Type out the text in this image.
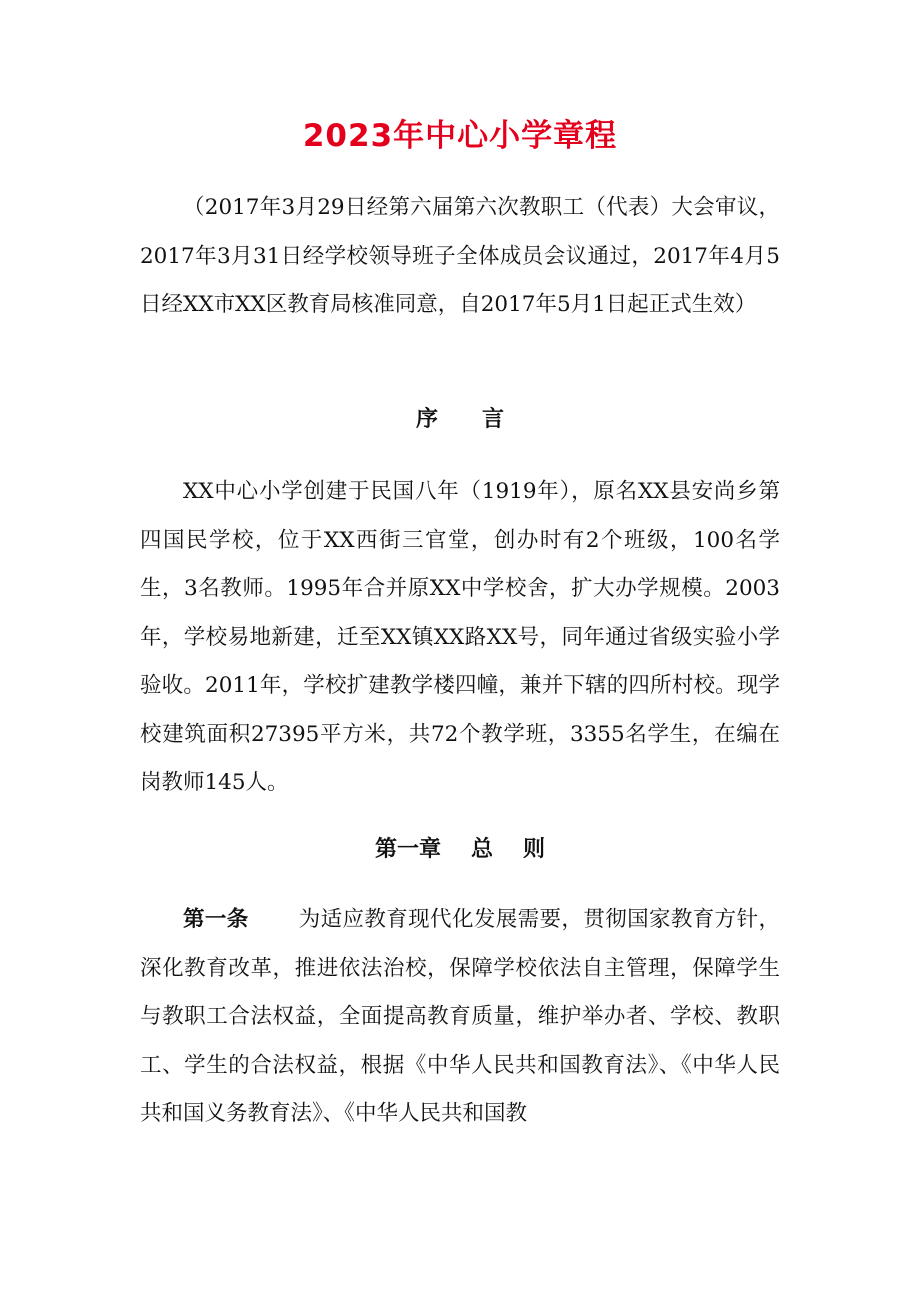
2023年中心小学章程

（2017年3月29日经第六届第六次教职工（代表）大会审议，2017年3月31日经学校领导班子全体成员会议通过，2017年4月5日经XX市XX区教育局核准同意，自2017年5月1日起正式生效）

序 言

XX中心小学创建于民国八年（1919年），原名XX县安尚乡第四国民学校，位于XX西街三官堂，创办时有2个班级，100名学生，3名教师。1995年合并原XX中学校舍，扩大办学规模。2003年，学校易地新建，迁至XX镇XX路XX号，同年通过省级实验小学验收。2011年，学校扩建教学楼四幢，兼并下辖的四所村校。现学校建筑面积27395平方米，共72个教学班，3355名学生，在编在岗教师145人。

第一章 总 则

第一条 为适应教育现代化发展需要，贯彻国家教育方针，深化教育改革，推进依法治校，保障学校依法自主管理，保障学生与教职工合法权益，全面提高教育质量，维护举办者、学校、教职工、学生的合法权益，根据《中华人民共和国教育法》、《中华人民共和国义务教育法》、《中华人民共和国教
